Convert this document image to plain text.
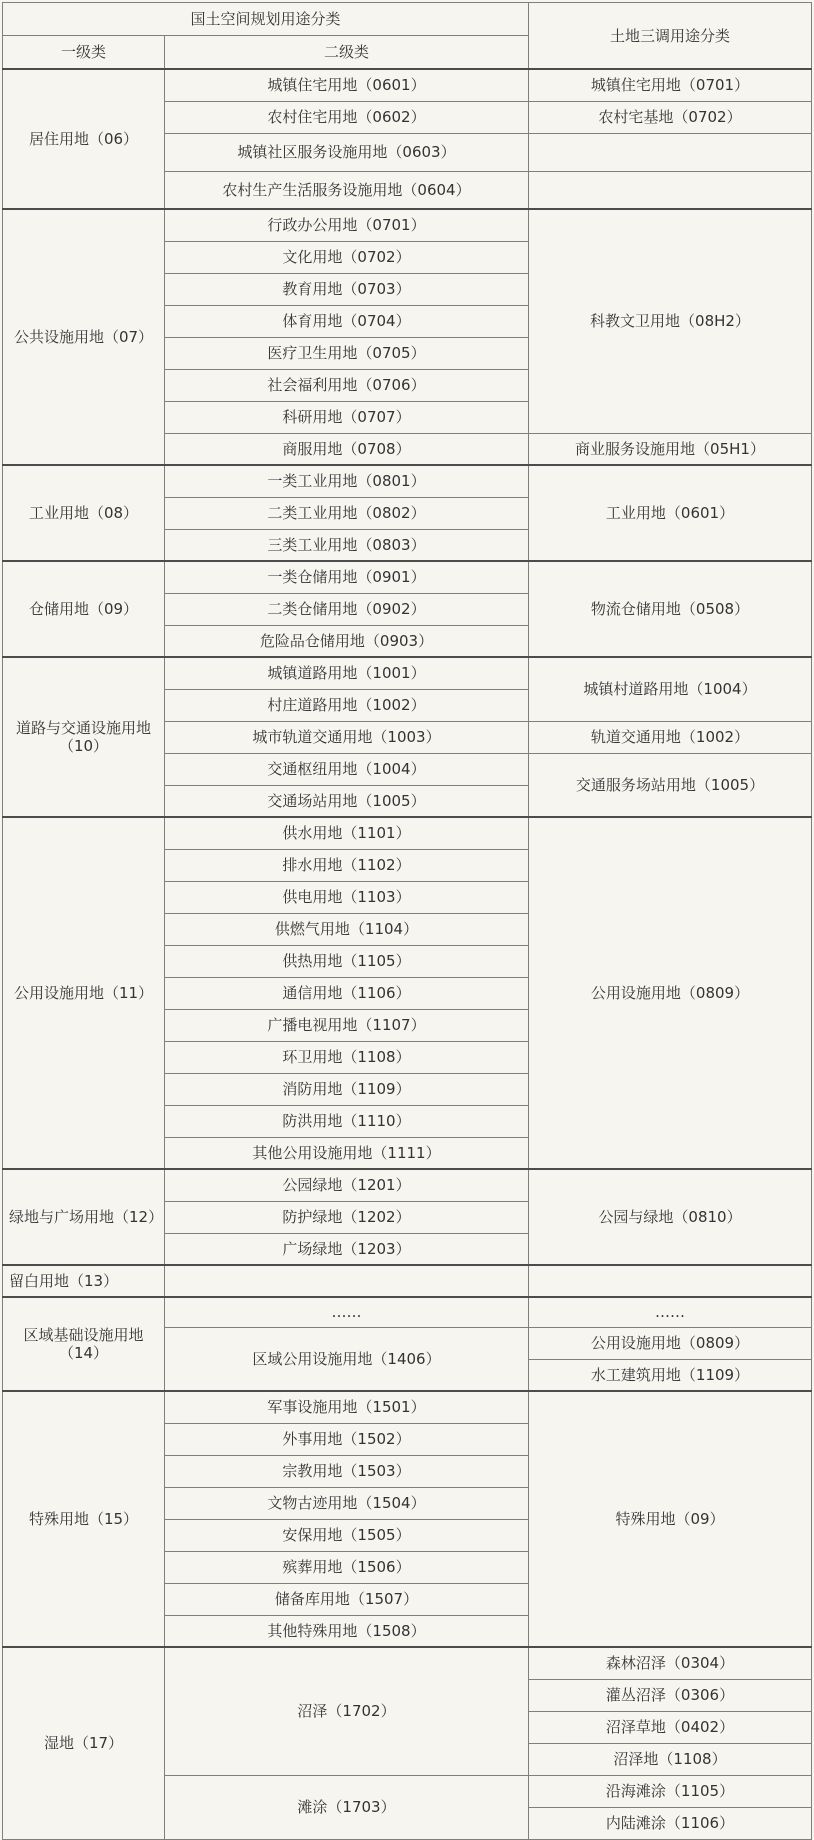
国土空间规划用途分类		土地三调用途分类
一级类	二级类	
居住用地（06）	城镇住宅用地（0601）	城镇住宅用地（0701）
	农村住宅用地（0602）	农村宅基地（0702）
	城镇社区服务设施用地（0603）	
	农村生产生活服务设施用地（0604）	
公共设施用地（07）	行政办公用地（0701）	科教文卫用地（08H2）
	文化用地（0702）	
	教育用地（0703）	
	体育用地（0704）	
	医疗卫生用地（0705）	
	社会福利用地（0706）	
	科研用地（0707）	
	商服用地（0708）	商业服务设施用地（05H1）
工业用地（08）	一类工业用地（0801）	工业用地（0601）
	二类工业用地（0802）	
	三类工业用地（0803）	
仓储用地（09）	一类仓储用地（0901）	物流仓储用地（0508）
	二类仓储用地（0902）	
	危险品仓储用地（0903）	
道路与交通设施用地（10）	城镇道路用地（1001）	城镇村道路用地（1004）
	村庄道路用地（1002）	
	城市轨道交通用地（1003）	轨道交通用地（1002）
	交通枢纽用地（1004）	交通服务场站用地（1005）
	交通场站用地（1005）	
公用设施用地（11）	供水用地（1101）	公用设施用地（0809）
	排水用地（1102）	
	供电用地（1103）	
	供燃气用地（1104）	
	供热用地（1105）	
	通信用地（1106）	
	广播电视用地（1107）	
	环卫用地（1108）	
	消防用地（1109）	
	防洪用地（1110）	
	其他公用设施用地（1111）	
绿地与广场用地（12）	公园绿地（1201）	公园与绿地（0810）
	防护绿地（1202）	
	广场绿地（1203）	
留白用地（13）		
区域基础设施用地（14）	……	……
	区域公用设施用地（1406）	公用设施用地（0809）
		水工建筑用地（1109）
特殊用地（15）	军事设施用地（1501）	特殊用地（09）
	外事用地（1502）	
	宗教用地（1503）	
	文物古迹用地（1504）	
	安保用地（1505）	
	殡葬用地（1506）	
	储备库用地（1507）	
	其他特殊用地（1508）	
湿地（17）	沼泽（1702）	森林沼泽（0304）
		灌丛沼泽（0306）
		沼泽草地（0402）
		沼泽地（1108）
	滩涂（1703）	沿海滩涂（1105）
		内陆滩涂（1106）
